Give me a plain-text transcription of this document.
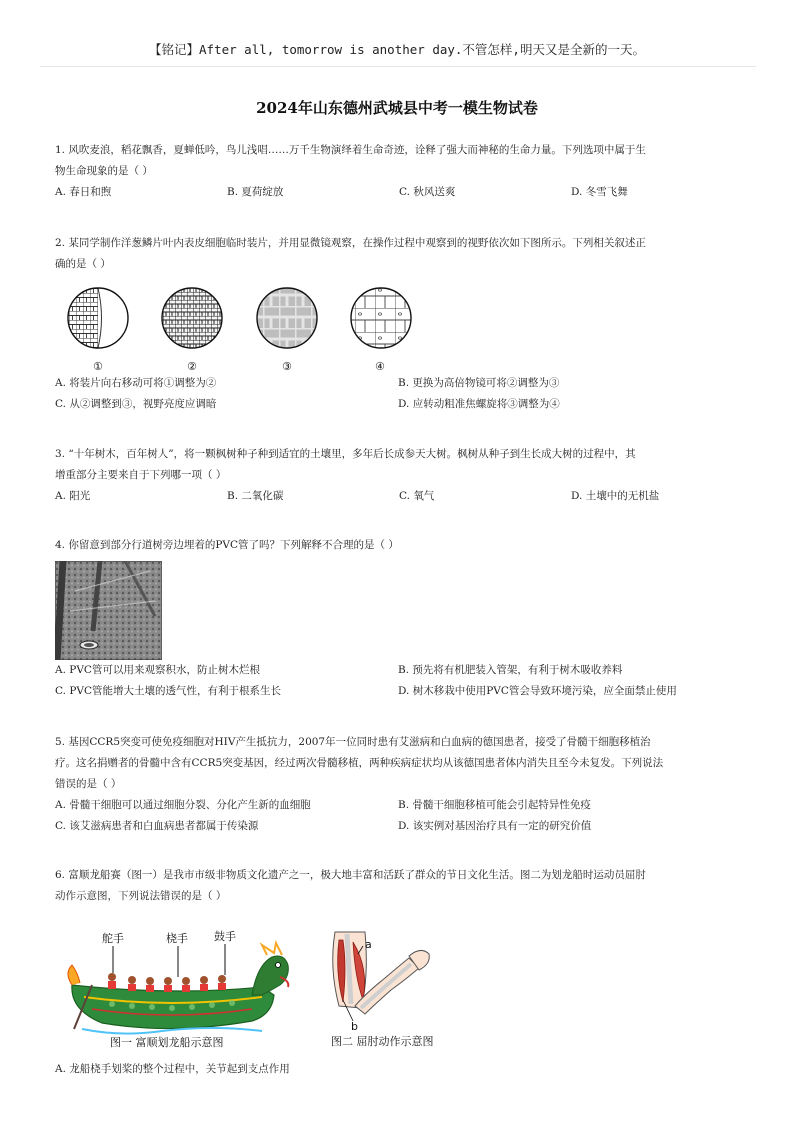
【铭记】After all, tomorrow is another day.不管怎样,明天又是全新的一天。
2024年山东德州武城县中考一模生物试卷

1. 风吹麦浪，稻花飘香，夏蝉低吟，鸟儿浅唱……万千生物演绎着生命奇迹，诠释了强大而神秘的生命力量。下列选项中属于生

物生命现象的是（ ）

A. 春日和煦	B. 夏荷绽放	C. 秋风送爽	D. 冬雪飞舞

2. 某同学制作洋葱鳞片叶内表皮细胞临时装片，并用显微镜观察，在操作过程中观察到的视野依次如下图所示。下列相关叙述正

确的是（ ）

①	②	③	④
A. 将装片向右移动可将①调整为②	B. 更换为高倍物镜可将②调整为③
C. 从②调整到③，视野亮度应调暗	D. 应转动粗准焦螺旋将③调整为④

3. “十年树木，百年树人”，将一颗枫树种子种到适宜的土壤里，多年后长成参天大树。枫树从种子到生长成大树的过程中，其

增重部分主要来自于下列哪一项（ ）

A. 阳光	B. 二氧化碳	C. 氧气	D. 土壤中的无机盐

4. 你留意到部分行道树旁边埋着的PVC管了吗？下列解释不合理的是（ ）

A. PVC管可以用来观察积水，防止树木烂根	B. 预先将有机肥装入管架，有利于树木吸收养料
C. PVC管能增大土壤的透气性，有利于根系生长	D. 树木移栽中使用PVC管会导致环境污染，应全面禁止使用

5. 基因CCR5突变可使免疫细胞对HIV产生抵抗力，2007年一位同时患有艾滋病和白血病的德国患者，接受了骨髓干细胞移植治

疗。这名捐赠者的骨髓中含有CCR5突变基因，经过两次骨髓移植，两种疾病症状均从该德国患者体内消失且至今未复发。下列说法

错误的是（ ）

A. 骨髓干细胞可以通过细胞分裂、分化产生新的血细胞	B. 骨髓干细胞移植可能会引起特异性免疫
C. 该艾滋病患者和白血病患者都属于传染源	D. 该实例对基因治疗具有一定的研究价值

6. 富顺龙船赛（图一）是我市市级非物质文化遗产之一，极大地丰富和活跃了群众的节日文化生活。图二为划龙船时运动员屈肘

动作示意图，下列说法错误的是（ ）

舵手	桡手 鼓手
图一 富顺划龙船示意图
a
b
图二 屈肘动作示意图
A. 龙船桡手划桨的整个过程中，关节起到支点作用
